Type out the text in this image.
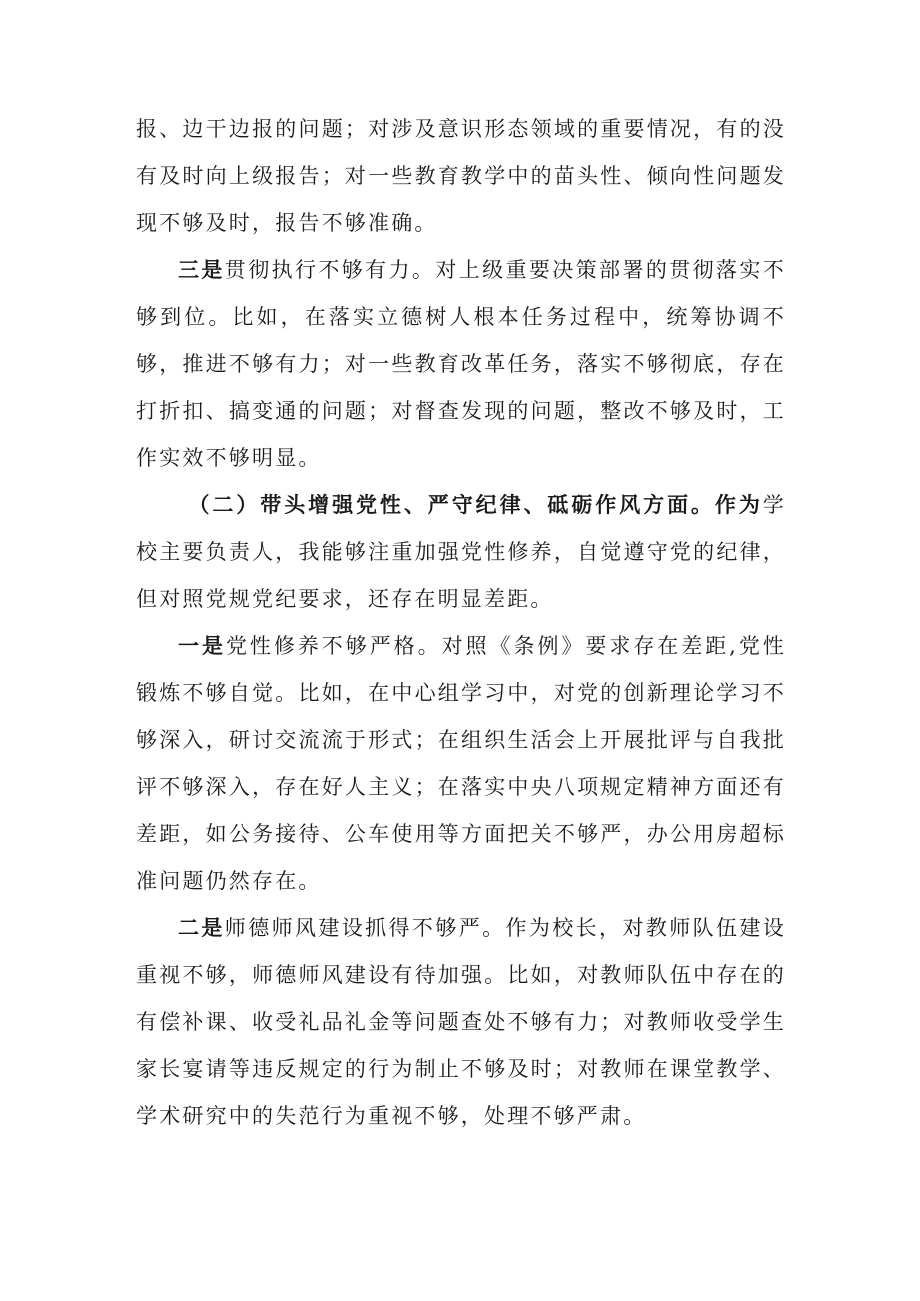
报、边干边报的问题；对涉及意识形态领域的重要情况，有的没有及时向上级报告；对一些教育教学中的苗头性、倾向性问题发现不够及时，报告不够准确。

三是贯彻执行不够有力。对上级重要决策部署的贯彻落实不够到位。比如，在落实立德树人根本任务过程中，统筹协调不够，推进不够有力；对一些教育改革任务，落实不够彻底，存在打折扣、搞变通的问题；对督查发现的问题，整改不够及时，工作实效不够明显。

（二）带头增强党性、严守纪律、砥砺作风方面。作为学校主要负责人，我能够注重加强党性修养，自觉遵守党的纪律，但对照党规党纪要求，还存在明显差距。

一是党性修养不够严格。对照《条例》要求存在差距,党性锻炼不够自觉。比如，在中心组学习中，对党的创新理论学习不够深入，研讨交流流于形式；在组织生活会上开展批评与自我批评不够深入，存在好人主义；在落实中央八项规定精神方面还有差距，如公务接待、公车使用等方面把关不够严，办公用房超标准问题仍然存在。

二是师德师风建设抓得不够严。作为校长，对教师队伍建设重视不够，师德师风建设有待加强。比如，对教师队伍中存在的有偿补课、收受礼品礼金等问题查处不够有力；对教师收受学生家长宴请等违反规定的行为制止不够及时；对教师在课堂教学、学术研究中的失范行为重视不够，处理不够严肃。
